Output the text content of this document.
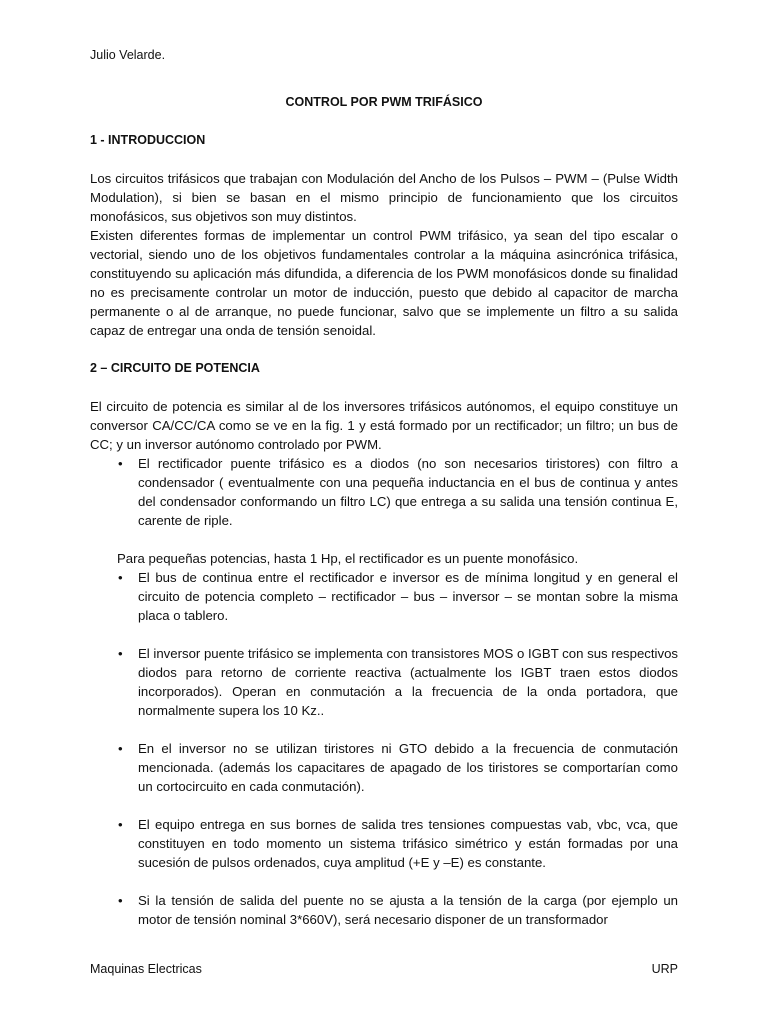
Julio Velarde.
CONTROL POR PWM TRIFÁSICO
1 - INTRODUCCION

Los circuitos trifásicos que trabajan con Modulación del Ancho de los Pulsos – PWM – (Pulse Width Modulation), si bien se basan en el mismo principio de funcionamiento que los circuitos monofásicos, sus objetivos son muy distintos.

Existen diferentes formas de implementar un control PWM trifásico, ya sean del tipo escalar o vectorial, siendo uno de los objetivos fundamentales controlar a la máquina asincrónica trifásica, constituyendo su aplicación más difundida, a diferencia de los PWM monofásicos donde su finalidad no es precisamente controlar un motor de inducción, puesto que debido al capacitor de marcha permanente o al de arranque, no puede funcionar, salvo que se implemente un filtro a su salida capaz de entregar una onda de tensión senoidal.

2 – CIRCUITO DE POTENCIA

El circuito de potencia es similar al de los inversores trifásicos autónomos, el equipo constituye un conversor CA/CC/CA como se ve en la fig. 1 y está formado por un rectificador; un filtro; un bus de CC; y un inversor autónomo controlado por PWM.

• El rectificador puente trifásico es a diodos (no son necesarios tiristores) con filtro a condensador ( eventualmente con una pequeña inductancia en el bus de continua y antes del condensador conformando un filtro LC) que entrega a su salida una tensión continua E, carente de riple.

Para pequeñas potencias, hasta 1 Hp, el rectificador es un puente monofásico.

• El bus de continua entre el rectificador e inversor es de mínima longitud y en general el circuito de potencia completo – rectificador – bus – inversor – se montan sobre la misma placa o tablero.
• El inversor puente trifásico se implementa con transistores MOS o IGBT con sus respectivos diodos para retorno de corriente reactiva (actualmente los IGBT traen estos diodos incorporados). Operan en conmutación a la frecuencia de la onda portadora, que normalmente supera los 10 Kz..
• En el inversor no se utilizan tiristores ni GTO debido a la frecuencia de conmutación mencionada. (además los capacitares de apagado de los tiristores se comportarían como un cortocircuito en cada conmutación).
• El equipo entrega en sus bornes de salida tres tensiones compuestas vab, vbc, vca, que constituyen en todo momento un sistema trifásico simétrico y están formadas por una sucesión de pulsos ordenados, cuya amplitud (+E y –E) es constante.
• Si la tensión de salida del puente no se ajusta a la tensión de la carga (por ejemplo un motor de tensión nominal 3*660V), será necesario disponer de un transformador
Maquinas Electricas	URP
